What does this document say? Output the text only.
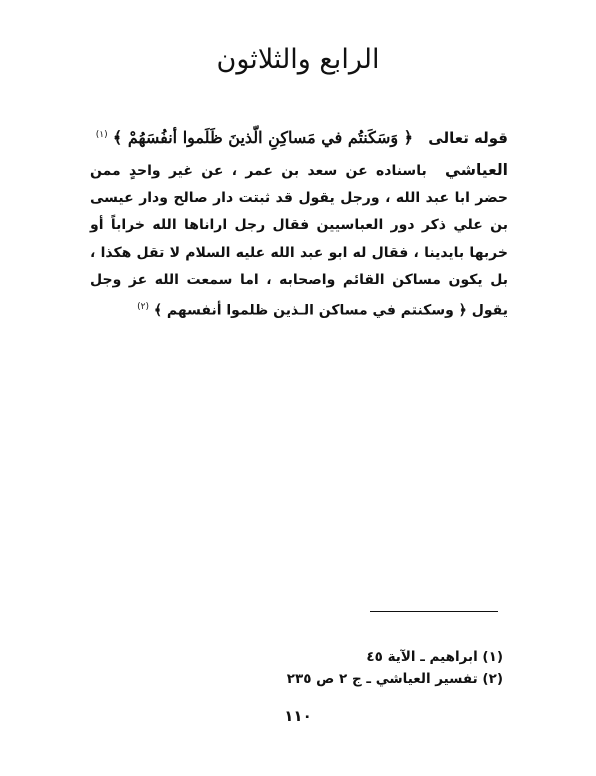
الرابع والثلاثون
قوله تعالى ﴿ وَسَكَنتُم في مَساكِنِ الّذينَ ظَلَموا أنفُسَهُمْ ﴾ $^{(١)}$
العياشي باسناده عن سعد بن عمر ، عن غير واحدٍ ممن حضر ابا عبد الله ، ورجل يقول قد ثبتت دار صالح ودار عيسى بن علي ذكر دور العباسيين فقال رجل اراناها الله خراباً أو خربها بايدينا ، فقال له ابو عبد الله عليه السلام لا تقل هكذا ، بل يكون مساكن القائم واصحابه ، اما سمعت الله عز وجل يقول ﴿ وسكنتم في مساكن الـذين ظلموا أنفسهم ﴾ $^{(٢)}$
(١) ابراهيم ـ الآية ٤٥
(٢) تفسير العياشي ـ ج ٢ ص ٢٣٥
١١٠
